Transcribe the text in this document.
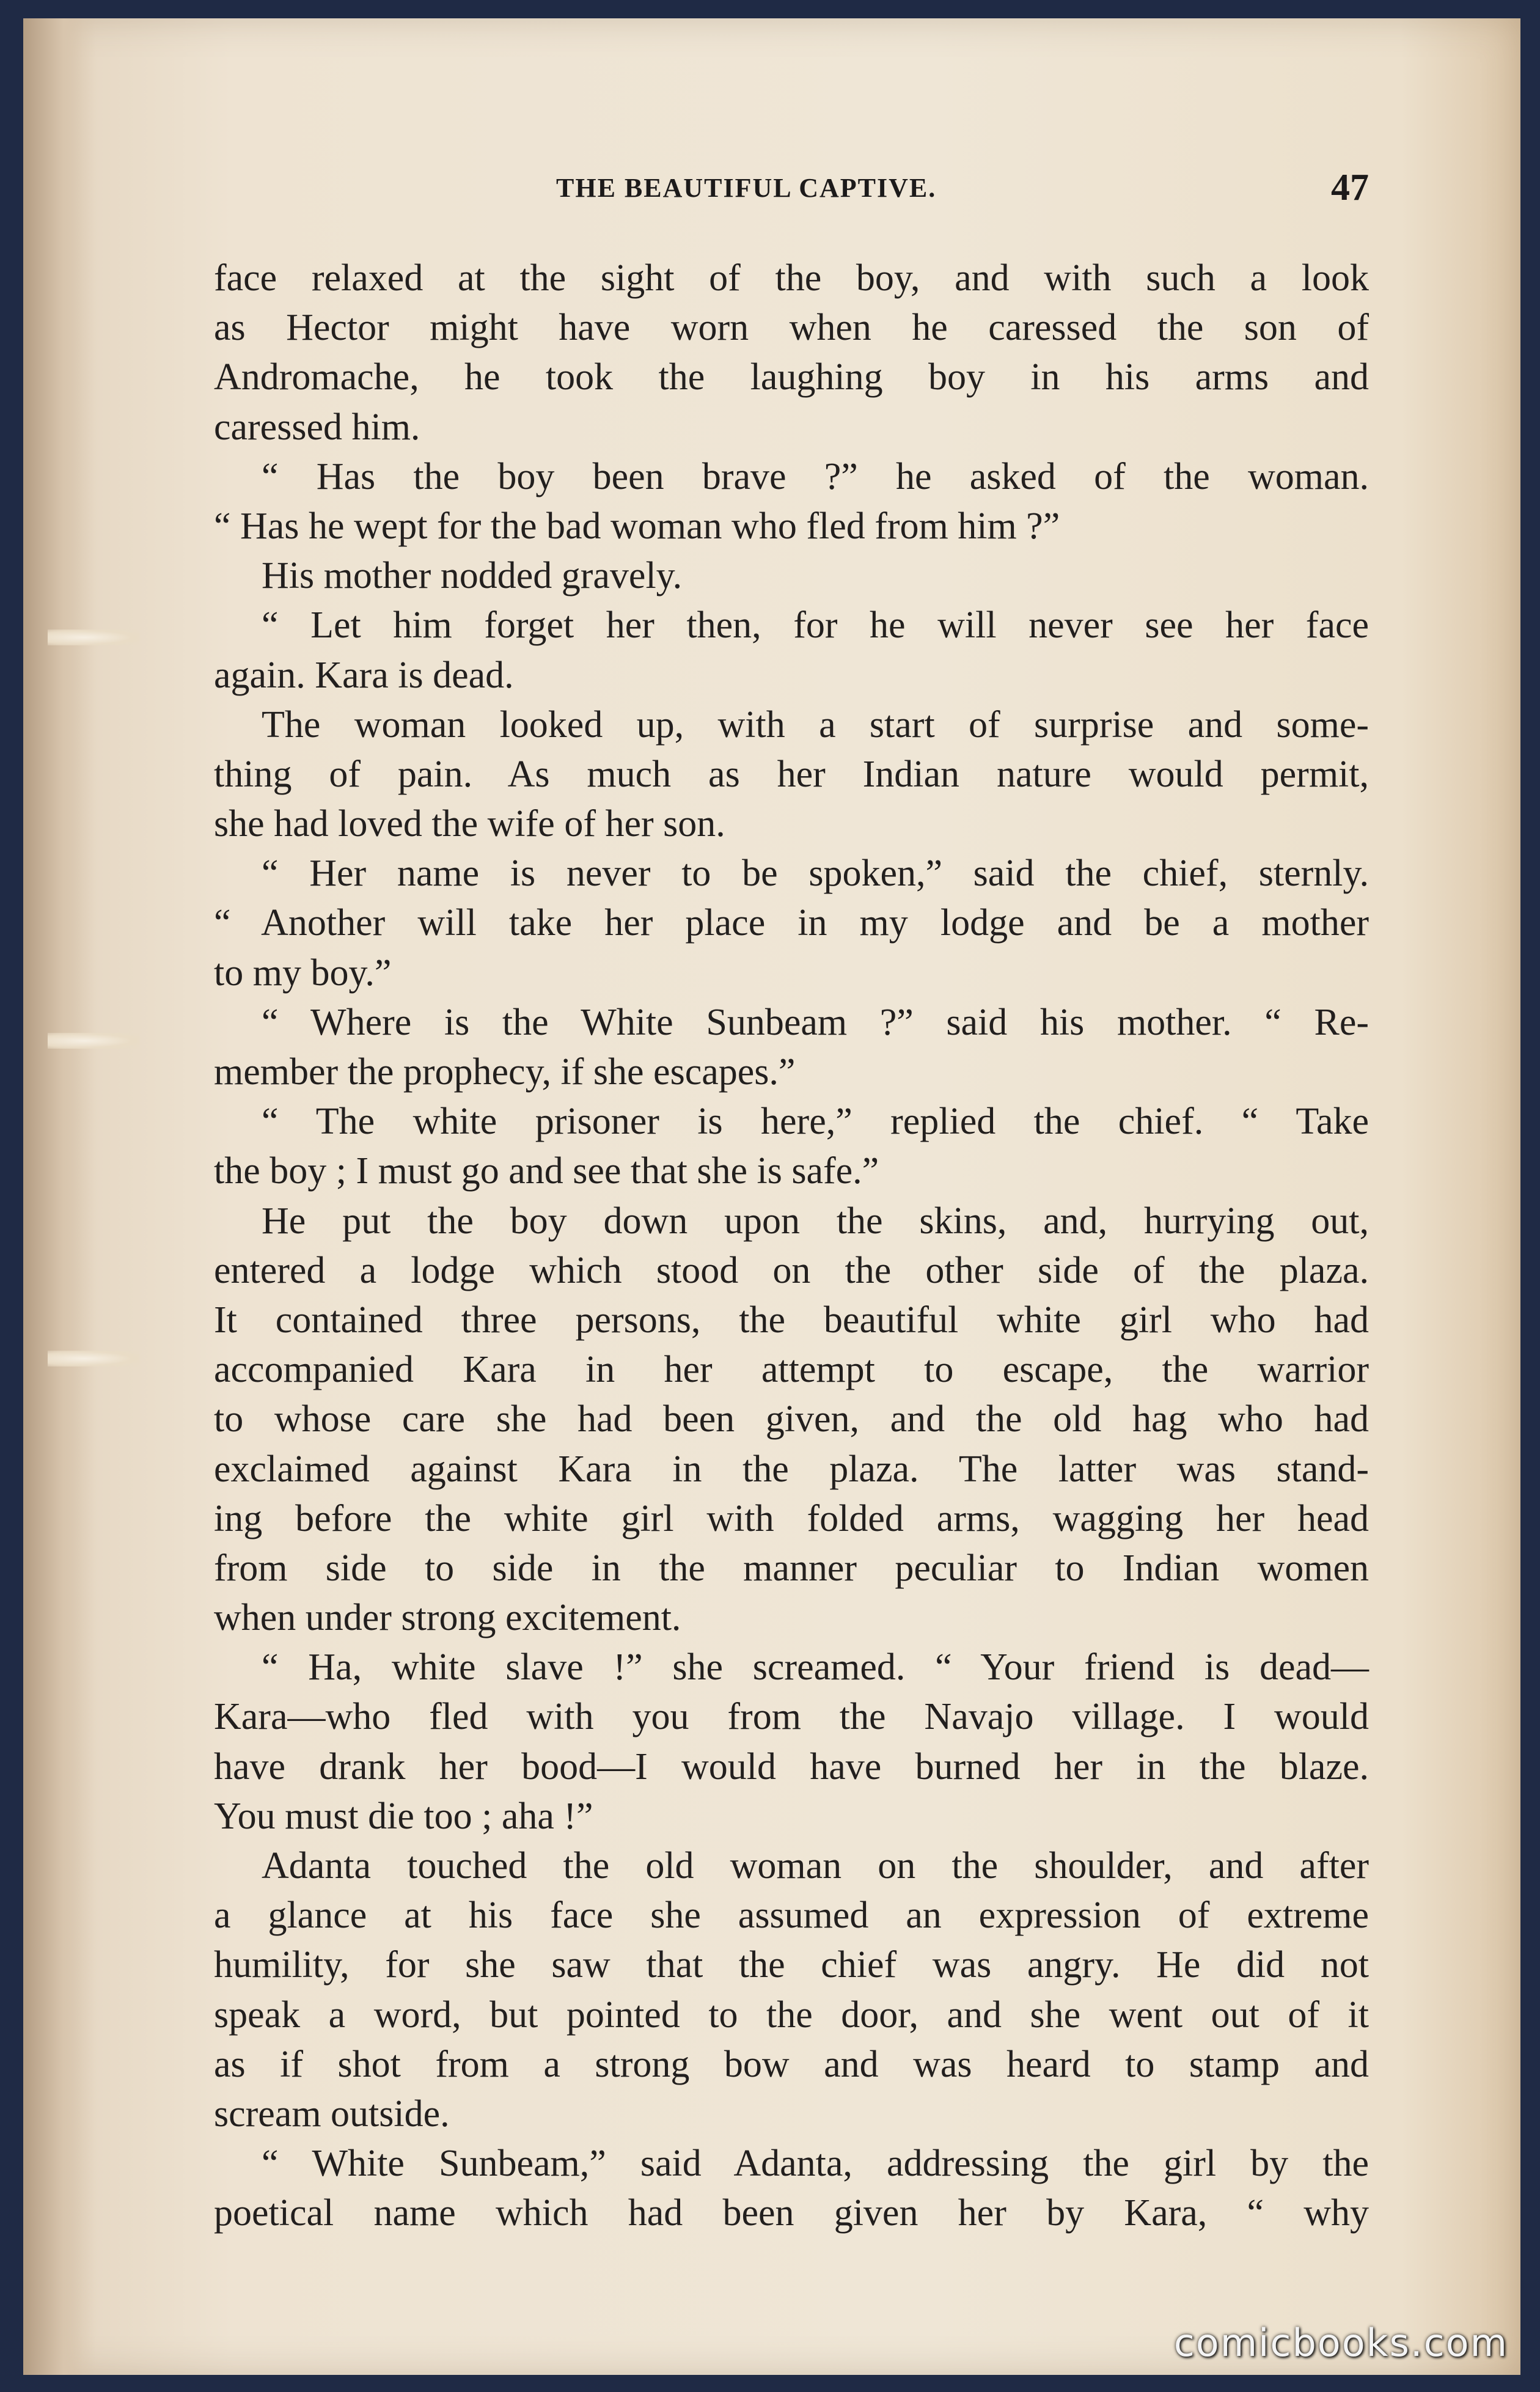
THE BEAUTIFUL CAPTIVE.	47

face relaxed at the sight of the boy, and with such a look
as Hector might have worn when he caressed the son of
Andromache, he took the laughing boy in his arms and
caressed him.

“ Has the boy been brave ?” he asked of the woman.
“ Has he wept for the bad woman who fled from him ?”

His mother nodded gravely.

“ Let him forget her then, for he will never see her face
again. Kara is dead.

The woman looked up, with a start of surprise and some-
thing of pain. As much as her Indian nature would permit,
she had loved the wife of her son.

“ Her name is never to be spoken,” said the chief, sternly.
“ Another will take her place in my lodge and be a mother
to my boy.”

“ Where is the White Sunbeam ?” said his mother. “ Re-
member the prophecy, if she escapes.”

“ The white prisoner is here,” replied the chief. “ Take
the boy ; I must go and see that she is safe.”

He put the boy down upon the skins, and, hurrying out,
entered a lodge which stood on the other side of the plaza.
It contained three persons, the beautiful white girl who had
accompanied Kara in her attempt to escape, the warrior
to whose care she had been given, and the old hag who had
exclaimed against Kara in the plaza. The latter was stand-
ing before the white girl with folded arms, wagging her head
from side to side in the manner peculiar to Indian women
when under strong excitement.

“ Ha, white slave !” she screamed. “ Your friend is dead—
Kara—who fled with you from the Navajo village. I would
have drank her bood—I would have burned her in the blaze.
You must die too ; aha !”

Adanta touched the old woman on the shoulder, and after
a glance at his face she assumed an expression of extreme
humility, for she saw that the chief was angry. He did not
speak a word, but pointed to the door, and she went out of it
as if shot from a strong bow and was heard to stamp and
scream outside.

“ White Sunbeam,” said Adanta, addressing the girl by the
poetical name which had been given her by Kara, “ why

comicbooks.com
